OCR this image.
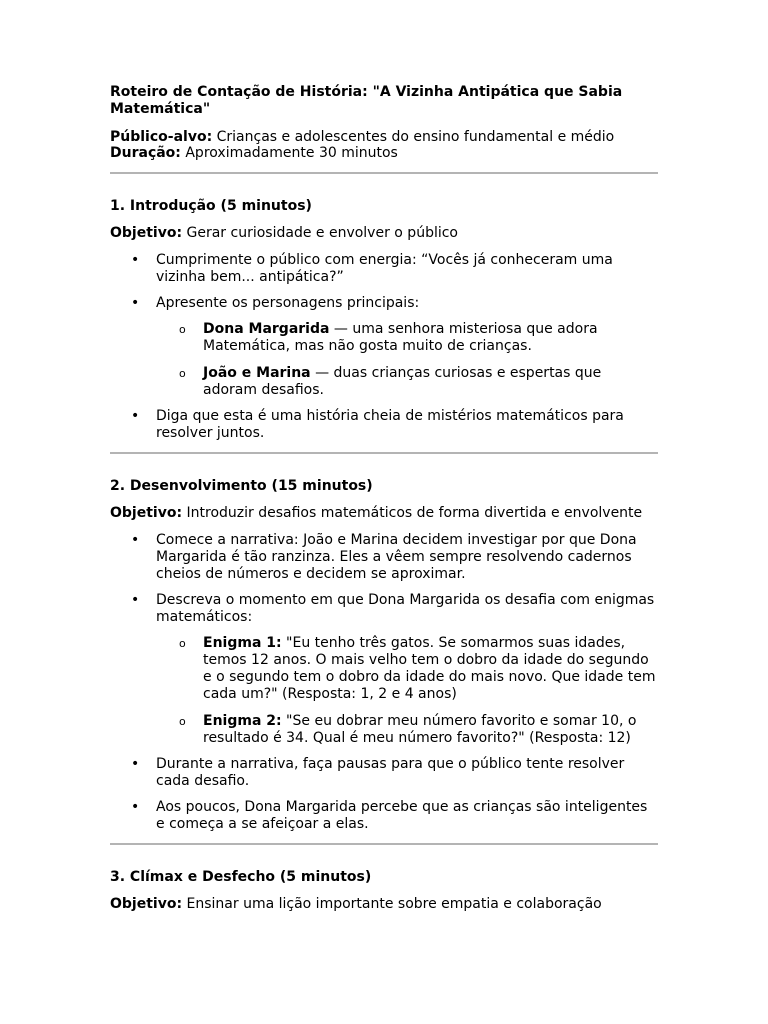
Roteiro de Contação de História: "A Vizinha Antipática que Sabia Matemática"
Público-alvo: Crianças e adolescentes do ensino fundamental e médio
Duração: Aproximadamente 30 minutos
1. Introdução (5 minutos)
Objetivo: Gerar curiosidade e envolver o público
• Cumprimente o público com energia: “Vocês já conheceram uma vizinha bem... antipática?”
• Apresente os personagens principais:
o Dona Margarida — uma senhora misteriosa que adora Matemática, mas não gosta muito de crianças.
o João e Marina — duas crianças curiosas e espertas que adoram desafios.
• Diga que esta é uma história cheia de mistérios matemáticos para resolver juntos.
2. Desenvolvimento (15 minutos)
Objetivo: Introduzir desafios matemáticos de forma divertida e envolvente
• Comece a narrativa: João e Marina decidem investigar por que Dona Margarida é tão ranzinza. Eles a vêem sempre resolvendo cadernos cheios de números e decidem se aproximar.
• Descreva o momento em que Dona Margarida os desafia com enigmas matemáticos:
o Enigma 1: "Eu tenho três gatos. Se somarmos suas idades, temos 12 anos. O mais velho tem o dobro da idade do segundo e o segundo tem o dobro da idade do mais novo. Que idade tem cada um?" (Resposta: 1, 2 e 4 anos)
o Enigma 2: "Se eu dobrar meu número favorito e somar 10, o resultado é 34. Qual é meu número favorito?" (Resposta: 12)
• Durante a narrativa, faça pausas para que o público tente resolver cada desafio.
• Aos poucos, Dona Margarida percebe que as crianças são inteligentes e começa a se afeiçoar a elas.
3. Clímax e Desfecho (5 minutos)
Objetivo: Ensinar uma lição importante sobre empatia e colaboração
